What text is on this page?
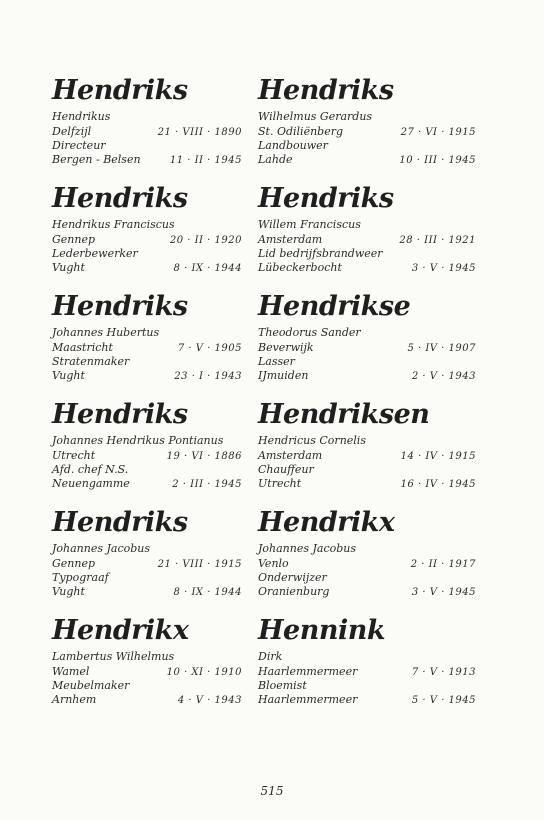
Hendriks
Hendrikus
Delfzijl	21 · VIII · 1890
Directeur
Bergen - Belsen	11 · II · 1945
Hendriks
Hendrikus Franciscus
Gennep	20 · II · 1920
Lederbewerker
Vught	8 · IX · 1944
Hendriks
Johannes Hubertus
Maastricht	7 · V · 1905
Stratenmaker
Vught	23 · I · 1943
Hendriks
Johannes Hendrikus Pontianus
Utrecht	19 · VI · 1886
Afd. chef N.S.
Neuengamme	2 · III · 1945
Hendriks
Johannes Jacobus
Gennep	21 · VIII · 1915
Typograaf
Vught	8 · IX · 1944
Hendrikx
Lambertus Wilhelmus
Wamel	10 · XI · 1910
Meubelmaker
Arnhem	4 · V · 1943
Hendriks
Wilhelmus Gerardus
St. Odiliënberg	27 · VI · 1915
Landbouwer
Lahde	10 · III · 1945
Hendriks
Willem Franciscus
Amsterdam	28 · III · 1921
Lid bedrijfsbrandweer
Lübeckerbocht	3 · V · 1945
Hendrikse
Theodorus Sander
Beverwijk	5 · IV · 1907
Lasser
IJmuiden	2 · V · 1943
Hendriksen
Hendricus Cornelis
Amsterdam	14 · IV · 1915
Chauffeur
Utrecht	16 · IV · 1945
Hendrikx
Johannes Jacobus
Venlo	2 · II · 1917
Onderwijzer
Oranienburg	3 · V · 1945
Hennink
Dirk
Haarlemmermeer	7 · V · 1913
Bloemist
Haarlemmermeer	5 · V · 1945
515
